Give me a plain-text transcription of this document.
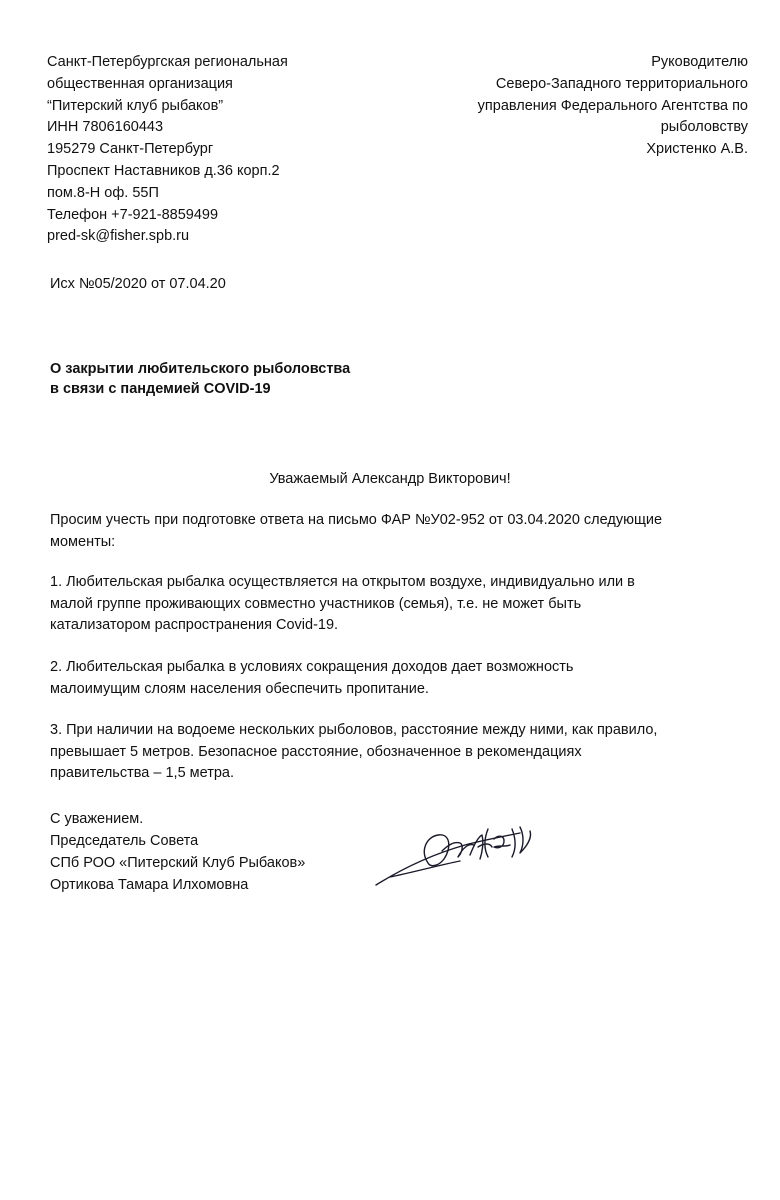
Санкт-Петербургская региональная
общественная организация
“Питерский клуб рыбаков”
ИНН 7806160443
195279 Санкт-Петербург
Проспект Наставников д.36 корп.2
пом.8-Н оф. 55П
Телефон +7-921-8859499
pred-sk@fisher.spb.ru
Руководителю
Северо-Западного территориального
управления Федерального Агентства по
рыболовству
Христенко А.В.
Исх №05/2020 от 07.04.20
О закрытии любительского рыболовства
в связи с пандемией COVID-19
Уважаемый Александр Викторович!
Просим учесть при подготовке ответа на письмо ФАР №У02-952 от 03.04.2020 следующие
моменты:
1. Любительская рыбалка осуществляется на открытом воздухе, индивидуально или в
малой группе проживающих совместно участников (семья), т.е. не может быть
катализатором распространения Covid-19.
2. Любительская рыбалка в условиях сокращения доходов дает возможность
малоимущим слоям населения обеспечить пропитание.
3. При наличии на водоеме нескольких рыболовов, расстояние между ними, как правило,
превышает 5 метров. Безопасное расстояние, обозначенное в рекомендациях
правительства – 1,5 метра.
С уважением.
Председатель Совета
СПб РОО «Питерский Клуб Рыбаков»
Ортикова Тамара Илхомовна
